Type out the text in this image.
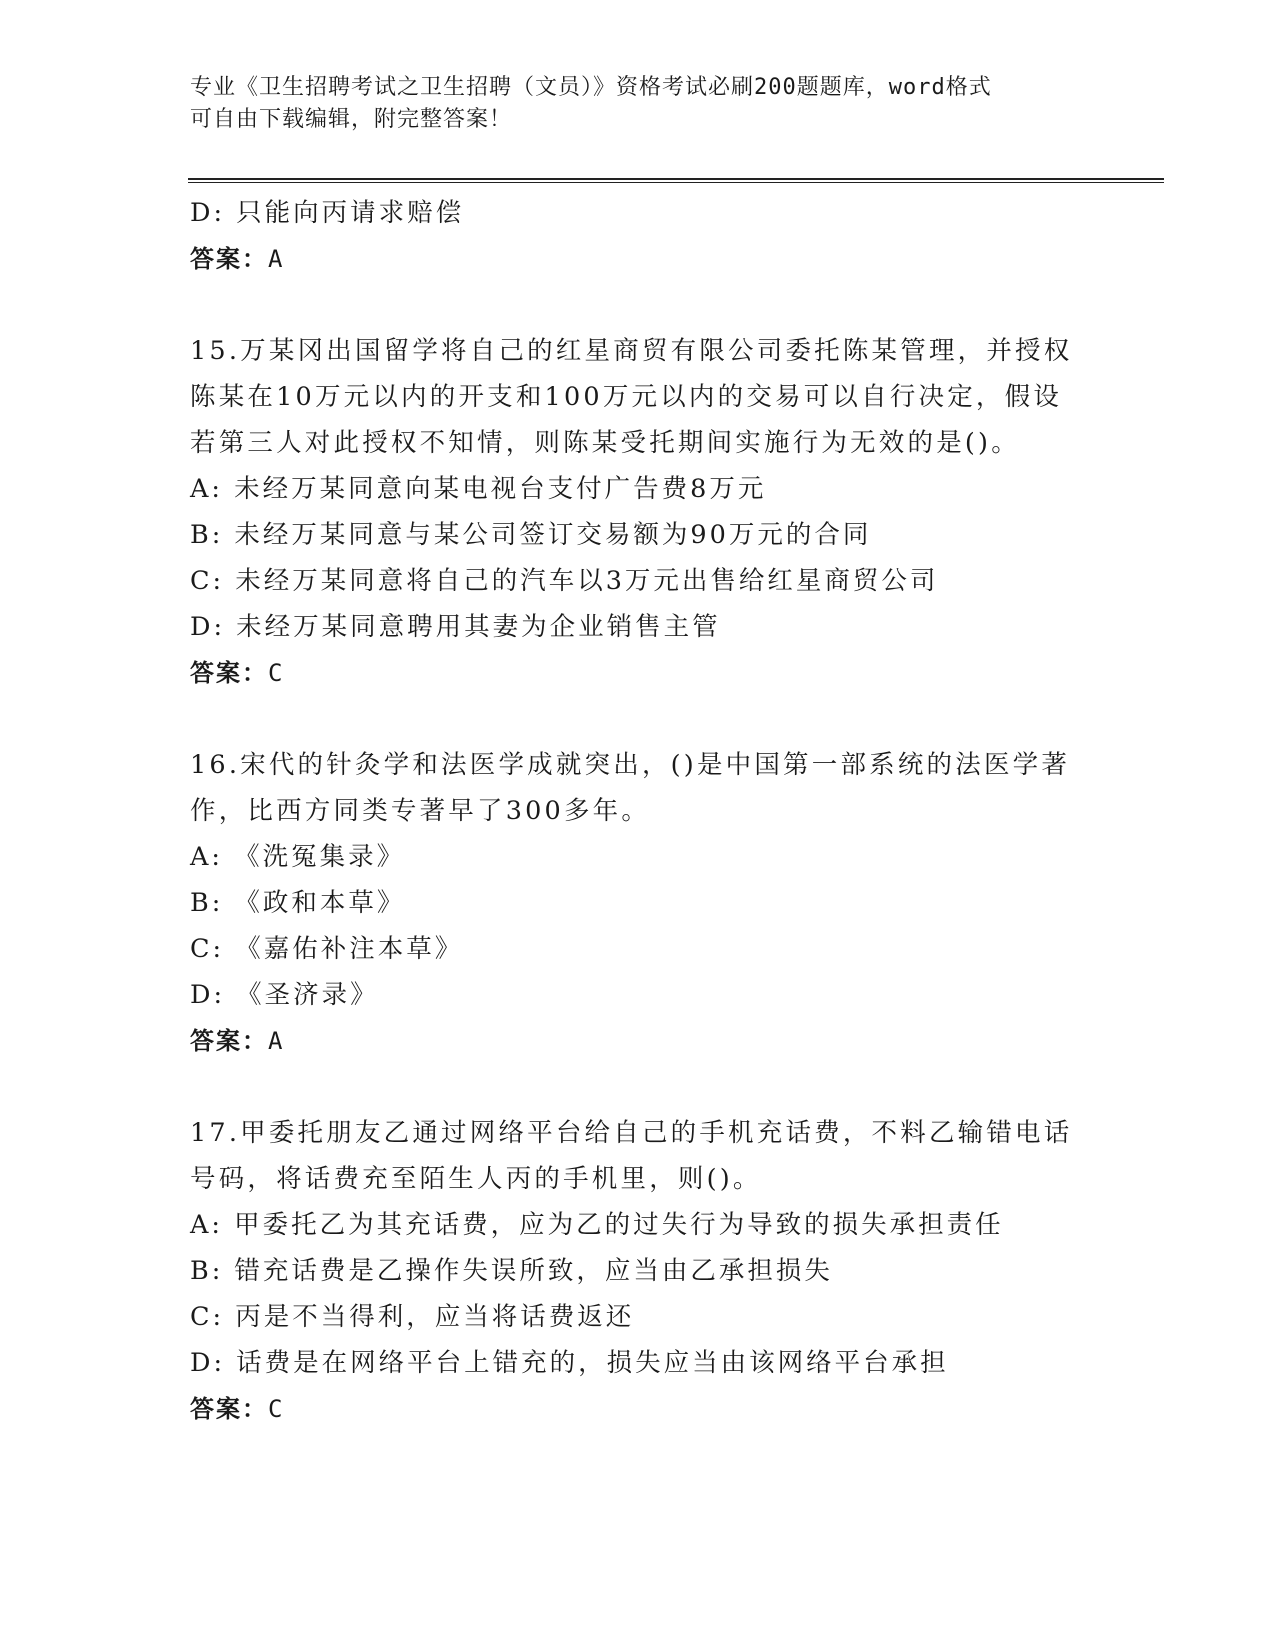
专业《卫生招聘考试之卫生招聘（文员）》资格考试必刷200题题库，word格式
可自由下载编辑，附完整答案！
D: 只能向丙请求赔偿
答案：A
15.万某冈出国留学将自己的红星商贸有限公司委托陈某管理，并授权
陈某在10万元以内的开支和100万元以内的交易可以自行决定，假设
若第三人对此授权不知情，则陈某受托期间实施行为无效的是()。
A: 未经万某同意向某电视台支付广告费8万元
B: 未经万某同意与某公司签订交易额为90万元的合同
C: 未经万某同意将自己的汽车以3万元出售给红星商贸公司
D: 未经万某同意聘用其妻为企业销售主管
答案：C
16.宋代的针灸学和法医学成就突出，()是中国第一部系统的法医学著
作，比西方同类专著早了300多年。
A: 《洗冤集录》
B: 《政和本草》
C: 《嘉佑补注本草》
D: 《圣济录》
答案：A
17.甲委托朋友乙通过网络平台给自己的手机充话费，不料乙输错电话
号码，将话费充至陌生人丙的手机里，则()。
A: 甲委托乙为其充话费，应为乙的过失行为导致的损失承担责任
B: 错充话费是乙操作失误所致，应当由乙承担损失
C: 丙是不当得利，应当将话费返还
D: 话费是在网络平台上错充的，损失应当由该网络平台承担
答案：C
